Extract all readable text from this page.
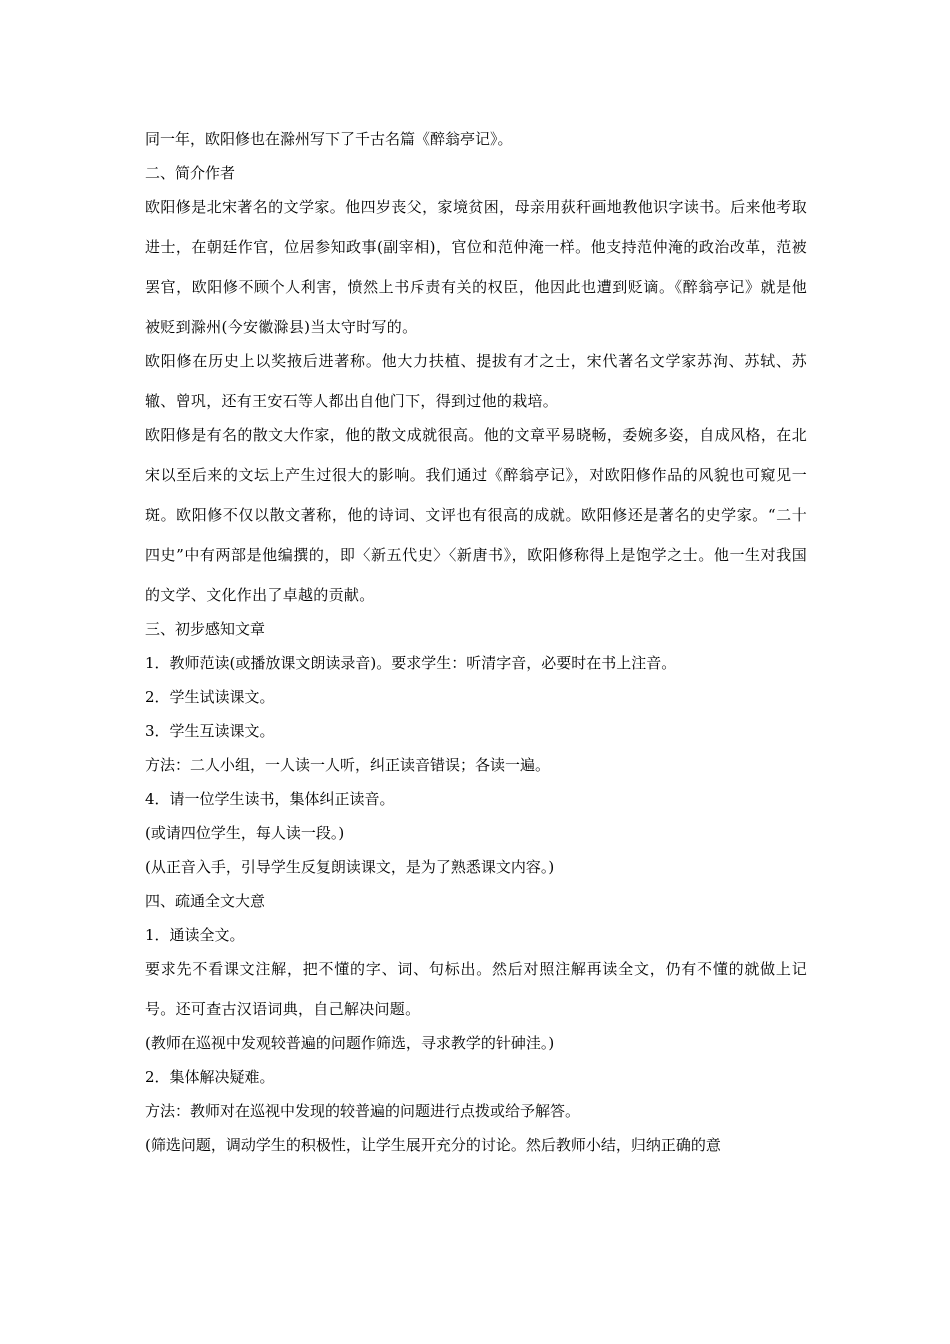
同一年，欧阳修也在滁州写下了千古名篇《醉翁亭记》。

二、简介作者

欧阳修是北宋著名的文学家。他四岁丧父，家境贫困，母亲用荻秆画地教他识字读书。后来他考取进士，在朝廷作官，位居参知政事(副宰相)，官位和范仲淹一样。他支持范仲淹的政治改革，范被罢官，欧阳修不顾个人利害，愤然上书斥责有关的权臣，他因此也遭到贬谪。《醉翁亭记》就是他被贬到滁州(今安徽滁县)当太守时写的。

欧阳修在历史上以奖掖后进著称。他大力扶植、提拔有才之士，宋代著名文学家苏洵、苏轼、苏辙、曾巩，还有王安石等人都出自他门下，得到过他的栽培。

欧阳修是有名的散文大作家，他的散文成就很高。他的文章平易晓畅，委婉多姿，自成风格，在北宋以至后来的文坛上产生过很大的影响。我们通过《醉翁亭记》，对欧阳修作品的风貌也可窥见一斑。欧阳修不仅以散文著称，他的诗词、文评也有很高的成就。欧阳修还是著名的史学家。“二十四史”中有两部是他编撰的，即〈新五代史〉〈新唐书》，欧阳修称得上是饱学之士。他一生对我国的文学、文化作出了卓越的贡献。

三、初步感知文章

1．教师范读(或播放课文朗读录音)。要求学生：听清字音，必要时在书上注音。

2．学生试读课文。

3．学生互读课文。

方法：二人小组，一人读一人听，纠正读音错误；各读一遍。

4．请一位学生读书，集体纠正读音。

(或请四位学生，每人读一段。)

(从正音入手，引导学生反复朗读课文，是为了熟悉课文内容。)

四、疏通全文大意

1．通读全文。

要求先不看课文注解，把不懂的字、词、句标出。然后对照注解再读全文，仍有不懂的就做上记号。还可查古汉语词典，自己解决问题。

(教师在巡视中发观较普遍的问题作筛选，寻求教学的针砷洼。)

2．集体解决疑难。

方法：教师对在巡视中发现的较普遍的问题进行点拨或给予解答。

(筛选问题，调动学生的积极性，让学生展开充分的讨论。然后教师小结，归纳正确的意
